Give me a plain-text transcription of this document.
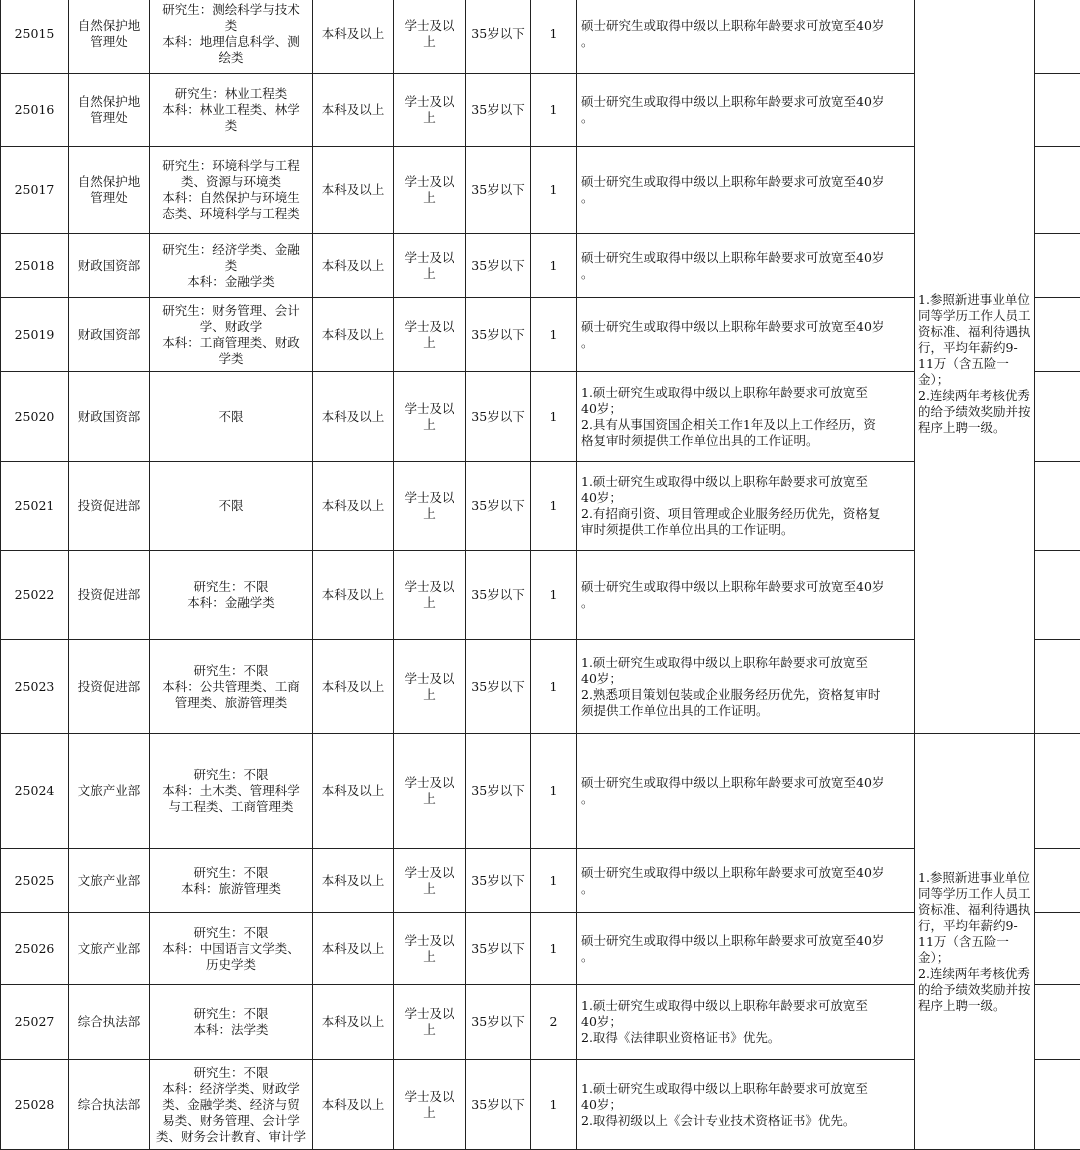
25015	自然保护地
管理处	研究生：测绘科学与技术
类
本科：地理信息科学、测
绘类	本科及以上	学士及以
上	35岁以下	1	硕士研究生或取得中级以上职称年龄要求可放宽至40岁
。	1.参照新进事业单位同等学历工作人员工资标准、福利待遇执行，平均年薪约9-11万（含五险一金）；
2.连续两年考核优秀的给予绩效奖励并按程序上聘一级。	
25016	自然保护地
管理处	研究生：林业工程类
本科：林业工程类、林学
类	本科及以上	学士及以
上	35岁以下	1	硕士研究生或取得中级以上职称年龄要求可放宽至40岁
。		
25017	自然保护地
管理处	研究生：环境科学与工程
类、资源与环境类
本科：自然保护与环境生
态类、环境科学与工程类	本科及以上	学士及以
上	35岁以下	1	硕士研究生或取得中级以上职称年龄要求可放宽至40岁
。		
25018	财政国资部	研究生：经济学类、金融
类
本科：金融学类	本科及以上	学士及以
上	35岁以下	1	硕士研究生或取得中级以上职称年龄要求可放宽至40岁
。		
25019	财政国资部	研究生：财务管理、会计
学、财政学
本科：工商管理类、财政
学类	本科及以上	学士及以
上	35岁以下	1	硕士研究生或取得中级以上职称年龄要求可放宽至40岁
。		
25020	财政国资部	不限	本科及以上	学士及以
上	35岁以下	1	1.硕士研究生或取得中级以上职称年龄要求可放宽至
40岁；
2.具有从事国资国企相关工作1年及以上工作经历，资
格复审时须提供工作单位出具的工作证明。		
25021	投资促进部	不限	本科及以上	学士及以
上	35岁以下	1	1.硕士研究生或取得中级以上职称年龄要求可放宽至
40岁；
2.有招商引资、项目管理或企业服务经历优先，资格复
审时须提供工作单位出具的工作证明。		
25022	投资促进部	研究生：不限
本科：金融学类	本科及以上	学士及以
上	35岁以下	1	硕士研究生或取得中级以上职称年龄要求可放宽至40岁
。		
25023	投资促进部	研究生：不限
本科：公共管理类、工商
管理类、旅游管理类	本科及以上	学士及以
上	35岁以下	1	1.硕士研究生或取得中级以上职称年龄要求可放宽至
40岁；
2.熟悉项目策划包装或企业服务经历优先，资格复审时
须提供工作单位出具的工作证明。		
25024	文旅产业部	研究生：不限
本科：土木类、管理科学
与工程类、工商管理类	本科及以上	学士及以
上	35岁以下	1	硕士研究生或取得中级以上职称年龄要求可放宽至40岁
。	1.参照新进事业单位同等学历工作人员工资标准、福利待遇执行，平均年薪约9-11万（含五险一金）；
2.连续两年考核优秀的给予绩效奖励并按程序上聘一级。	
25025	文旅产业部	研究生：不限
本科：旅游管理类	本科及以上	学士及以
上	35岁以下	1	硕士研究生或取得中级以上职称年龄要求可放宽至40岁
。		
25026	文旅产业部	研究生：不限
本科：中国语言文学类、
历史学类	本科及以上	学士及以
上	35岁以下	1	硕士研究生或取得中级以上职称年龄要求可放宽至40岁
。		
25027	综合执法部	研究生：不限
本科：法学类	本科及以上	学士及以
上	35岁以下	2	1.硕士研究生或取得中级以上职称年龄要求可放宽至
40岁；
2.取得《法律职业资格证书》优先。		
25028	综合执法部	研究生：不限
本科：经济学类、财政学
类、金融学类、经济与贸
易类、财务管理、会计学
类、财务会计教育、审计学	本科及以上	学士及以
上	35岁以下	1	1.硕士研究生或取得中级以上职称年龄要求可放宽至
40岁；
2.取得初级以上《会计专业技术资格证书》优先。		
